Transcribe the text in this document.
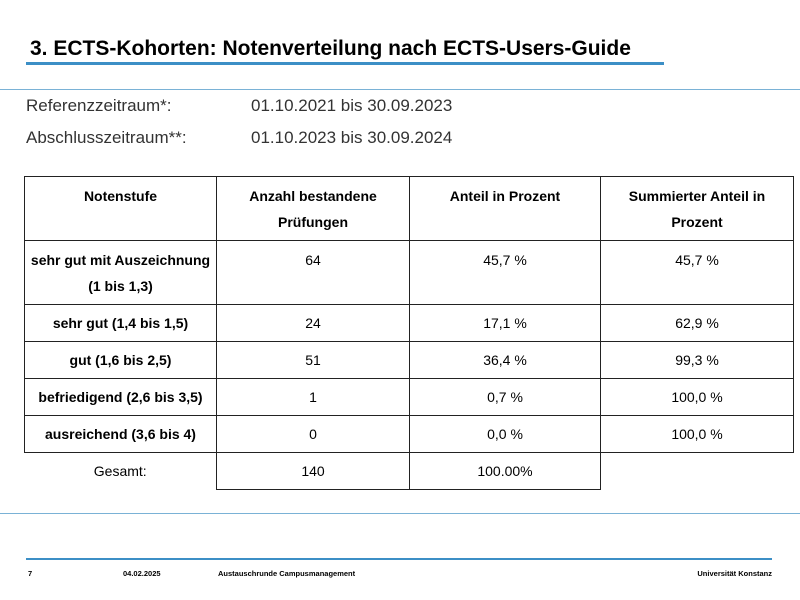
3. ECTS-Kohorten: Notenverteilung nach ECTS-Users-Guide
Referenzzeitraum*:	01.10.2021 bis 30.09.2023
Abschlusszeitraum**:	01.10.2023 bis 30.09.2024
Notenstufe	Anzahl bestandene Prüfungen	Anteil in Prozent	Summierter Anteil in Prozent
sehr gut mit Auszeichnung (1 bis 1,3)	64	45,7 %	45,7 %
sehr gut (1,4 bis 1,5)	24	17,1 %	62,9 %
gut (1,6 bis 2,5)	51	36,4 %	99,3 %
befriedigend (2,6 bis 3,5)	1	0,7 %	100,0 %
ausreichend (3,6 bis 4)	0	0,0 %	100,0 %
Gesamt:	140	100.00%	
7	04.02.2025	Austauschrunde Campusmanagement	Universität Konstanz
